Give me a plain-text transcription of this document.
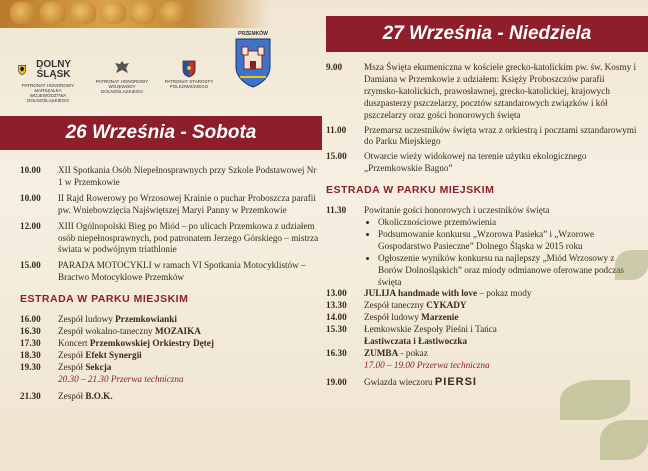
DOLNY ŚLĄSK
PATRONAT HONOROWY MARSZAŁKA WOJEWÓDZTWA DOLNOŚLĄSKIEGO
PATRONAT HONOROWY WOJEWODY DOLNOŚLĄSKIEGO
PATRONAT STAROSTY POLKOWICKIEGO
PRZEMKÓW
26 Września - Sobota
27 Września - Niedziela
10.00	XII Spotkania Osób Niepełnosprawnych przy Szkole Podstawowej Nr 1 w Przemkowie
10.00	II Rajd Rowerowy po Wrzosowej Krainie o puchar Proboszcza parafii pw. Wniebowzięcia Najświętszej Maryi Panny w Przemkowie
12.00	XIII Ogólnopolski Bieg po Miód – po ulicach Przemkowa z udziałem osób niepełnosprawnych, pod patronatem Jerzego Górskiego – mistrza świata w podwójnym triathlonie
15.00	PARADA MOTOCYKLI w ramach VI Spotkania Motocyklistów – Bractwo Motocyklowe Przemków
ESTRADA W PARKU MIEJSKIM
16.00	Zespół ludowy Przemkowianki
16.30	Zespół wokalno-taneczny MOZAIKA
17.30	Koncert Przemkowskiej Orkiestry Dętej
18.30	Zespół Efekt Synergii
19.30	Zespół Sekcja
20.30 – 21.30 Przerwa techniczna
21.30	Zespół B.O.K.
9.00	Msza Święta ekumeniczna w kościele grecko-katolickim pw. św. Kosmy i Damiana w Przemkowie z udziałem: Księży Proboszczów parafii rzymsko-katolickich, prawosławnej, grecko-katolickiej, krajowych duszpasterzy pszczelarzy, pocztów sztandarowych związków i kół pszczelarzy oraz gości honorowych święta
11.00	Przemarsz uczestników święta wraz z orkiestrą i pocztami sztandarowymi do Parku Miejskiego
15.00	Otwarcie wieży widokowej na terenie użytku ekologicznego „Przemkowskie Bagno”
ESTRADA W PARKU MIEJSKIM
11.30	Powitanie gości honorowych i uczestników święta
• Okolicznościowe przemówienia
• Podsumowanie konkursu „Wzorowa Pasieka” i „Wzorowe Gospodarstwo Pasieczne” Dolnego Śląska w 2015 roku
• Ogłoszenie wyników konkursu na najlepszy „Miód Wrzosowy z Borów Dolnośląskich” oraz miody odmianowe oferowane podczas święta
13.00	JULIJA handmade with love – pokaz mody
13.30	Zespół taneczny CYKADY
14.00	Zespół ludowy Marzenie
15.30	Łemkowskie Zespoły Pieśni i Tańca
Łastiwczata i Łastiwoczka
16.30	ZUMBA - pokaz
17.00 – 19.00 Przerwa techniczna
19.00	Gwiazda wieczoru PIERSI
